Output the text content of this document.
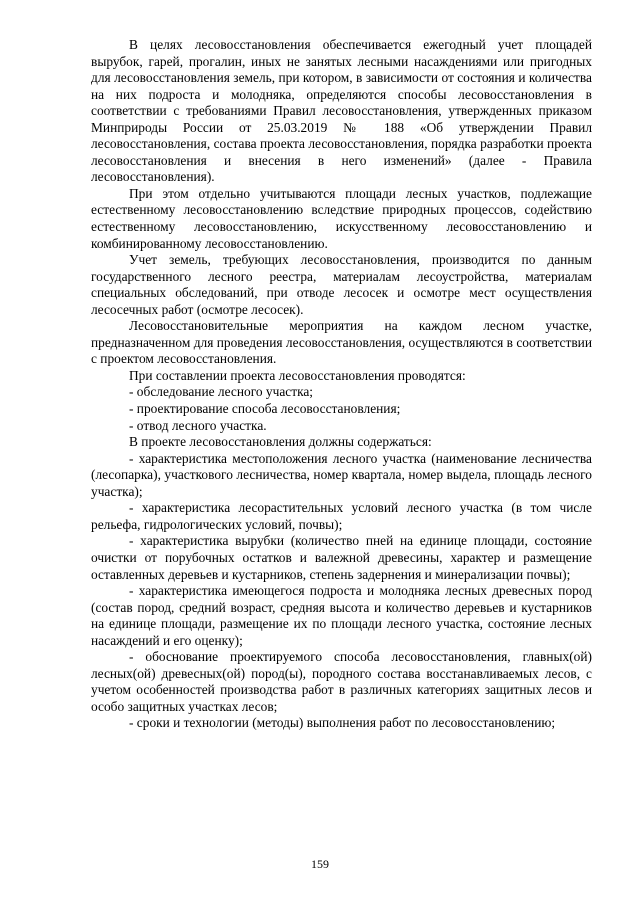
В целях лесовосстановления обеспечивается ежегодный учет площадей вырубок, гарей, прогалин, иных не занятых лесными насаждениями или пригодных для лесовосстановления земель, при котором, в зависимости от состояния и количества на них подроста и молодняка, определяются способы лесовосстановления в соответствии с требованиями Правил лесовосстановления, утвержденных приказом Минприроды России от 25.03.2019 № 188 «Об утверждении Правил лесовосстановления, состава проекта лесовосстановления, порядка разработки проекта лесовосстановления и внесения в него изменений» (далее - Правила лесовосстановления).

При этом отдельно учитываются площади лесных участков, подлежащие естественному лесовосстановлению вследствие природных процессов, содействию естественному лесовосстановлению, искусственному лесовосстановлению и комбинированному лесовосстановлению.

Учет земель, требующих лесовосстановления, производится по данным государственного лесного реестра, материалам лесоустройства, материалам специальных обследований, при отводе лесосек и осмотре мест осуществления лесосечных работ (осмотре лесосек).

Лесовосстановительные мероприятия на каждом лесном участке, предназначенном для проведения лесовосстановления, осуществляются в соответствии с проектом лесовосстановления.

При составлении проекта лесовосстановления проводятся:

- обследование лесного участка;

- проектирование способа лесовосстановления;

- отвод лесного участка.

В проекте лесовосстановления должны содержаться:

- характеристика местоположения лесного участка (наименование лесничества (лесопарка), участкового лесничества, номер квартала, номер выдела, площадь лесного участка);

- характеристика лесорастительных условий лесного участка (в том числе рельефа, гидрологических условий, почвы);

- характеристика вырубки (количество пней на единице площади, состояние очистки от порубочных остатков и валежной древесины, характер и размещение оставленных деревьев и кустарников, степень задернения и минерализации почвы);

- характеристика имеющегося подроста и молодняка лесных древесных пород (состав пород, средний возраст, средняя высота и количество деревьев и кустарников на единице площади, размещение их по площади лесного участка, состояние лесных насаждений и его оценку);

- обоснование проектируемого способа лесовосстановления, главных(ой) лесных(ой) древесных(ой) пород(ы), породного состава восстанавливаемых лесов, с учетом особенностей производства работ в различных категориях защитных лесов и особо защитных участках лесов;

- сроки и технологии (методы) выполнения работ по лесовосстановлению;

159
